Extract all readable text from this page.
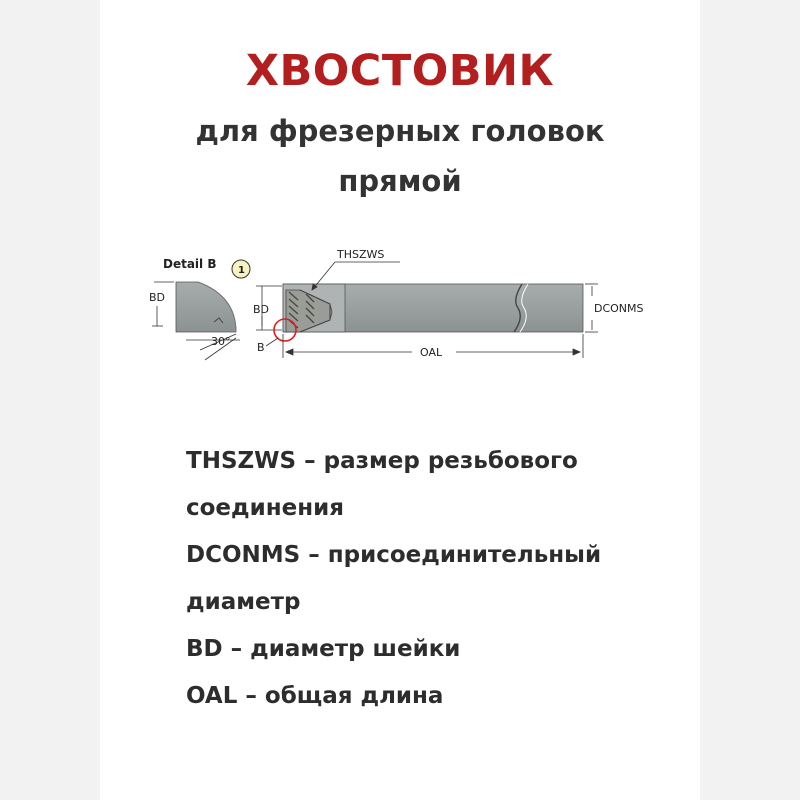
ХВОСТОВИК

для фрезерных головок

прямой

Detail B 1
BD
30°
THSZWS
BD
B
DCONMS
OAL

THSZWS – размер резьбового

соединения

DCONMS – присоединительный

диаметр

BD – диаметр шейки

OAL – общая длина
